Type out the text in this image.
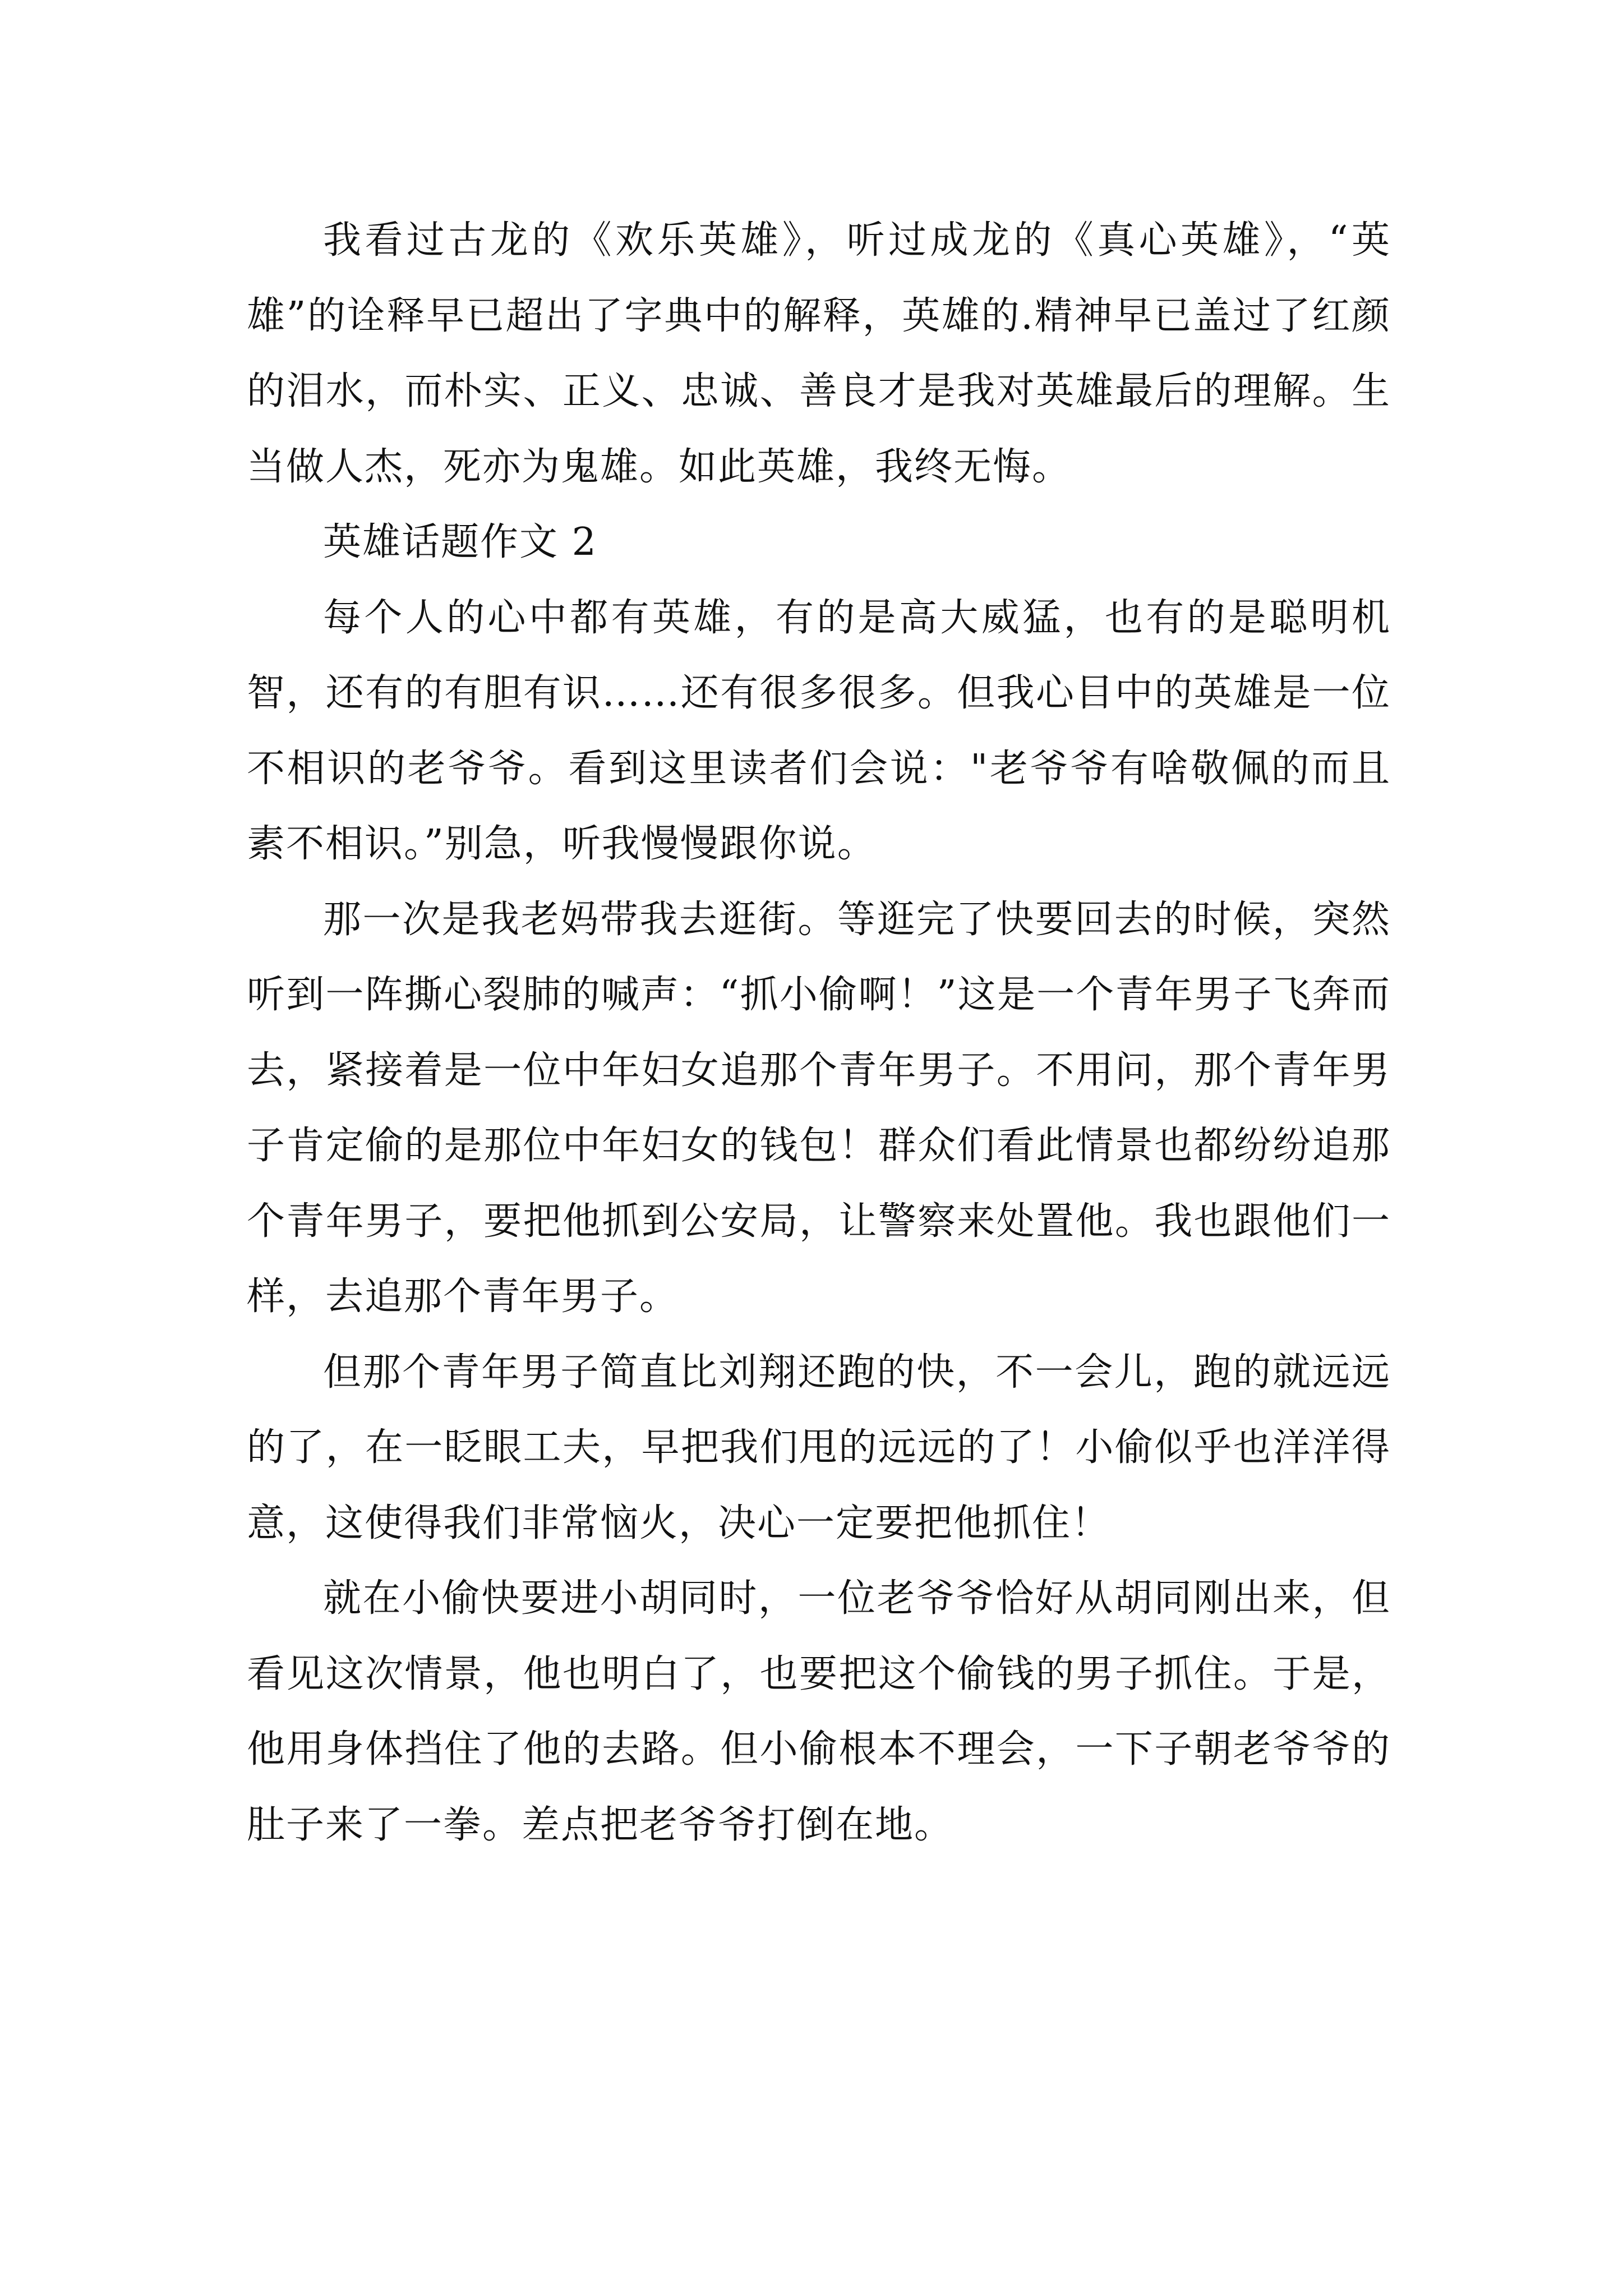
我看过古龙的《欢乐英雄》，听过成龙的《真心英雄》，“英雄”的诠释早已超出了字典中的解释，英雄的.精神早已盖过了红颜的泪水，而朴实、正义、忠诚、善良才是我对英雄最后的理解。生当做人杰，死亦为鬼雄。如此英雄，我终无悔。

英雄话题作文 2

每个人的心中都有英雄，有的是高大威猛，也有的是聪明机智，还有的有胆有识……还有很多很多。但我心目中的英雄是一位不相识的老爷爷。看到这里读者们会说："老爷爷有啥敬佩的而且素不相识。”别急，听我慢慢跟你说。

那一次是我老妈带我去逛街。等逛完了快要回去的时候，突然听到一阵撕心裂肺的喊声：“抓小偷啊！”这是一个青年男子飞奔而去，紧接着是一位中年妇女追那个青年男子。不用问，那个青年男子肯定偷的是那位中年妇女的钱包！群众们看此情景也都纷纷追那个青年男子，要把他抓到公安局，让警察来处置他。我也跟他们一样，去追那个青年男子。

但那个青年男子简直比刘翔还跑的快，不一会儿，跑的就远远的了，在一眨眼工夫，早把我们甩的远远的了！小偷似乎也洋洋得意，这使得我们非常恼火，决心一定要把他抓住！

就在小偷快要进小胡同时，一位老爷爷恰好从胡同刚出来，但看见这次情景，他也明白了，也要把这个偷钱的男子抓住。于是，他用身体挡住了他的去路。但小偷根本不理会，一下子朝老爷爷的肚子来了一拳。差点把老爷爷打倒在地。
